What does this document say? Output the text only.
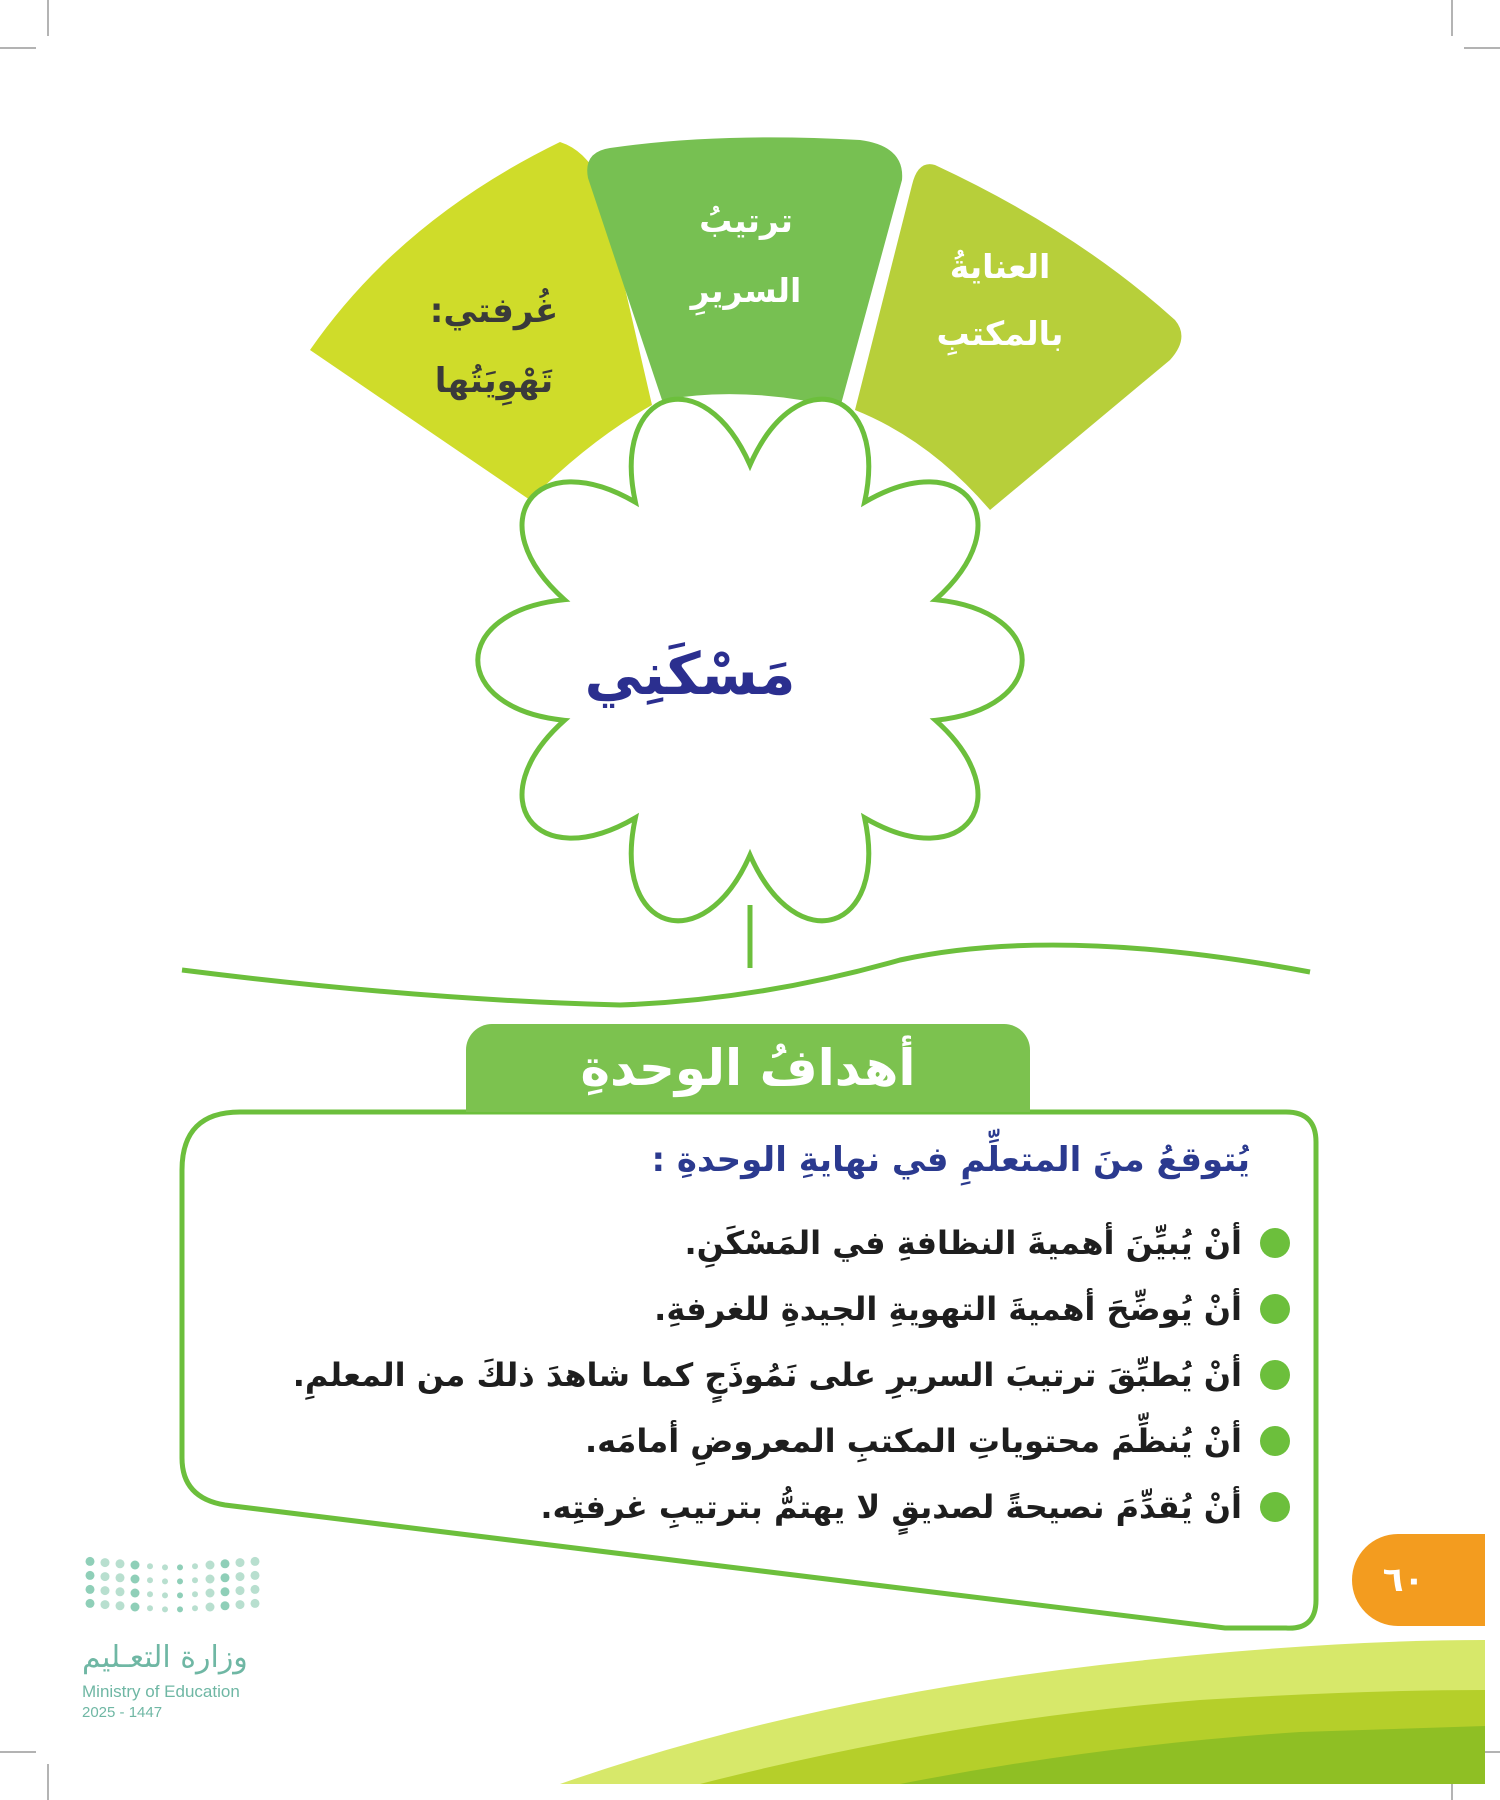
غُرفتي:
تَهْوِيَتُها
ترتيبُ
السريرِ
العنايةُ
بالمكتبِ
مَسْكَنِي
أهدافُ الوحدةِ
يُتوقعُ منَ المتعلِّمِ في نهايةِ الوحدةِ :
أنْ يُبيِّنَ أهميةَ النظافةِ في المَسْكَنِ.
أنْ يُوضِّحَ أهميةَ التهويةِ الجيدةِ للغرفةِ.
أنْ يُطبِّقَ ترتيبَ السريرِ على نَمُوذَجٍ كما شاهدَ ذلكَ من المعلمِ.
أنْ يُنظِّمَ محتوياتِ المكتبِ المعروضِ أمامَه.
أنْ يُقدِّمَ نصيحةً لصديقٍ لا يهتمُّ بترتيبِ غرفتِه.
٦٠
وزارة التعـليم
Ministry of Education
2025 - 1447
